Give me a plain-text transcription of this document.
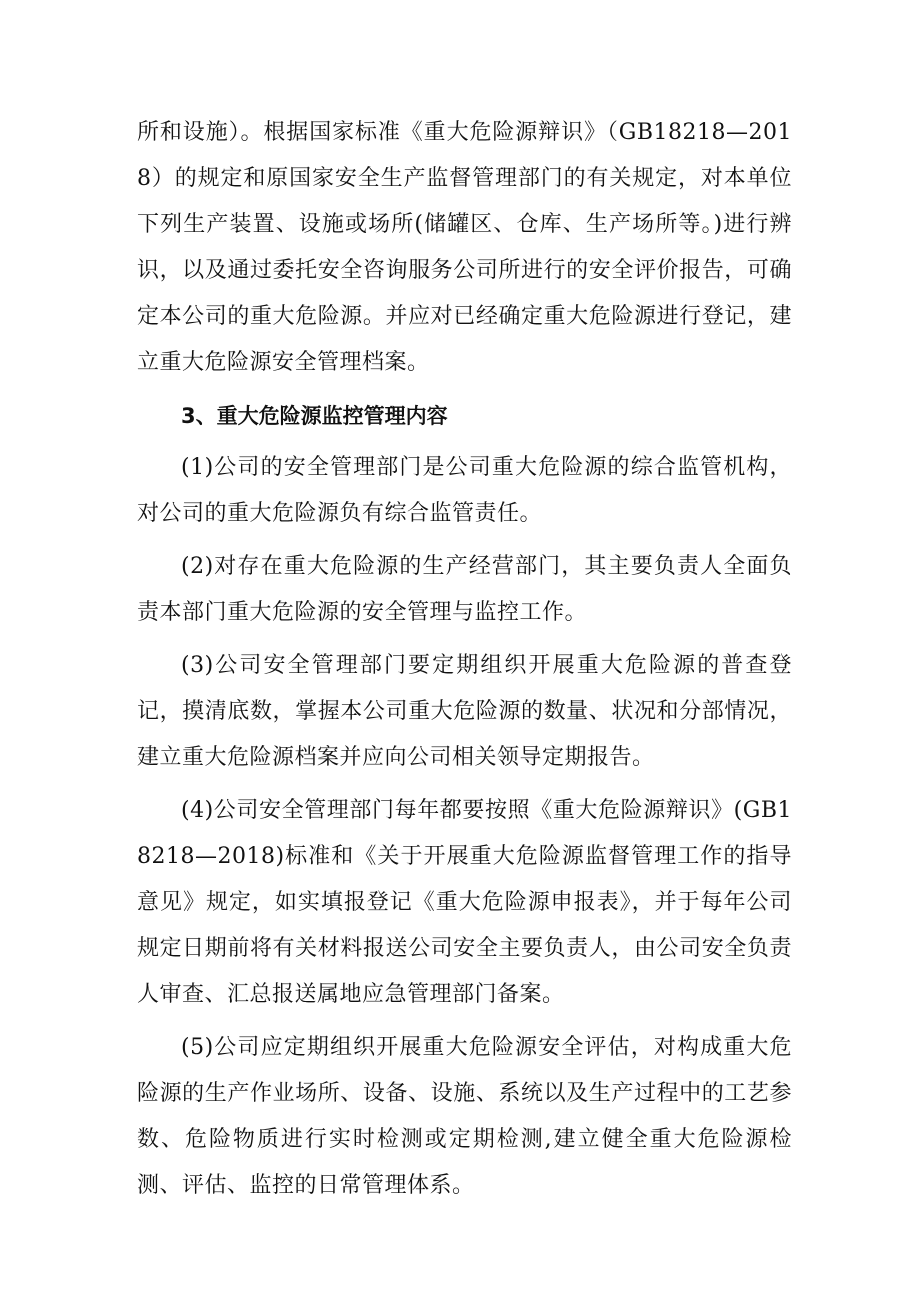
所和设施）。根据国家标准《重大危险源辩识》（GB18218—2018）的规定和原国家安全生产监督管理部门的有关规定，对本单位下列生产装置、设施或场所(储罐区、仓库、生产场所等。)进行辨识，以及通过委托安全咨询服务公司所进行的安全评价报告，可确定本公司的重大危险源。并应对已经确定重大危险源进行登记，建立重大危险源安全管理档案。

3、重大危险源监控管理内容

(1)公司的安全管理部门是公司重大危险源的综合监管机构，对公司的重大危险源负有综合监管责任。

(2)对存在重大危险源的生产经营部门，其主要负责人全面负责本部门重大危险源的安全管理与监控工作。

(3)公司安全管理部门要定期组织开展重大危险源的普查登记，摸清底数，掌握本公司重大危险源的数量、状况和分部情况，建立重大危险源档案并应向公司相关领导定期报告。

(4)公司安全管理部门每年都要按照《重大危险源辩识》(GB18218—2018)标准和《关于开展重大危险源监督管理工作的指导意见》规定，如实填报登记《重大危险源申报表》，并于每年公司规定日期前将有关材料报送公司安全主要负责人，由公司安全负责人审查、汇总报送属地应急管理部门备案。

(5)公司应定期组织开展重大危险源安全评估，对构成重大危险源的生产作业场所、设备、设施、系统以及生产过程中的工艺参数、危险物质进行实时检测或定期检测,建立健全重大危险源检测、评估、监控的日常管理体系。
